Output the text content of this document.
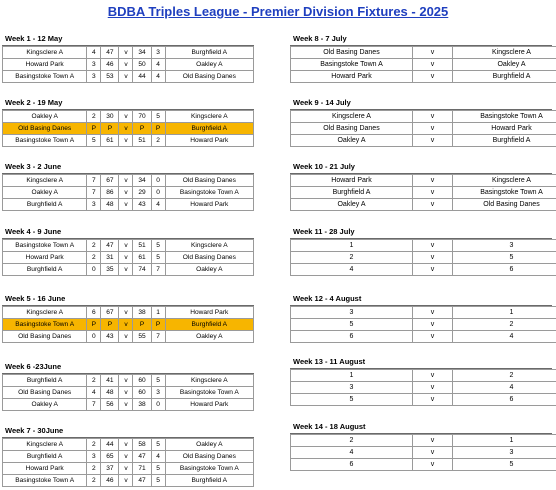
BDBA Triples League - Premier Division Fixtures - 2025
Week 1 - 12 May
Kingsclere A	4	47	v	34	3	Burghfield A
Howard Park	3	46	v	50	4	Oakley A
Basingstoke Town A	3	53	v	44	4	Old Basing Danes
Week 2 - 19 May
Oakley A	2	30	v	70	5	Kingsclere A
Old Basing Danes	P	P	v	P	P	Burghfield A
Basingstoke Town A	5	61	v	51	2	Howard Park
Week 3 - 2 June
Kingsclere A	7	67	v	34	0	Old Basing Danes
Oakley A	7	86	v	29	0	Basingstoke Town A
Burghfield A	3	48	v	43	4	Howard Park
Week 4 - 9 June
Basingstoke Town A	2	47	v	51	5	Kingsclere A
Howard Park	2	31	v	61	5	Old Basing Danes
Burghfield A	0	35	v	74	7	Oakley A
Week 5 - 16 June
Kingsclere A	6	67	v	38	1	Howard Park
Basingstoke Town A	P	P	v	P	P	Burghfield A
Old Basing Danes	0	43	v	55	7	Oakley A
Week 6 -23June
Burghfield A	2	41	v	60	5	Kingsclere A
Old Basing Danes	4	48	v	60	3	Basingstoke Town A
Oakley A	7	56	v	38	0	Howard Park
Week 7 - 30June
Kingsclere A	2	44	v	58	5	Oakley A
Burghfield A	3	65	v	47	4	Old Basing Danes
Howard Park	2	37	v	71	5	Basingstoke Town A
Basingstoke Town A	2	46	v	47	5	Burghfield A
Week 8 - 7 July
Old Basing Danes	v	Kingsclere A
Basingstoke Town A	v	Oakley A
Howard Park	v	Burghfield A
Week 9 - 14 July
Kingsclere A	v	Basingstoke Town A
Old Basing Danes	v	Howard Park
Oakley A	v	Burghfield A
Week 10 - 21 July
Howard Park	v	Kingsclere A
Burghfield A	v	Basingstoke Town A
Oakley A	v	Old Basing Danes
Week 11 - 28 July
1	v	3
2	v	5
4	v	6
Week 12 - 4 August
3	v	1
5	v	2
6	v	4
Week 13 - 11 August
1	v	2
3	v	4
5	v	6
Week 14 - 18 August
2	v	1
4	v	3
6	v	5
